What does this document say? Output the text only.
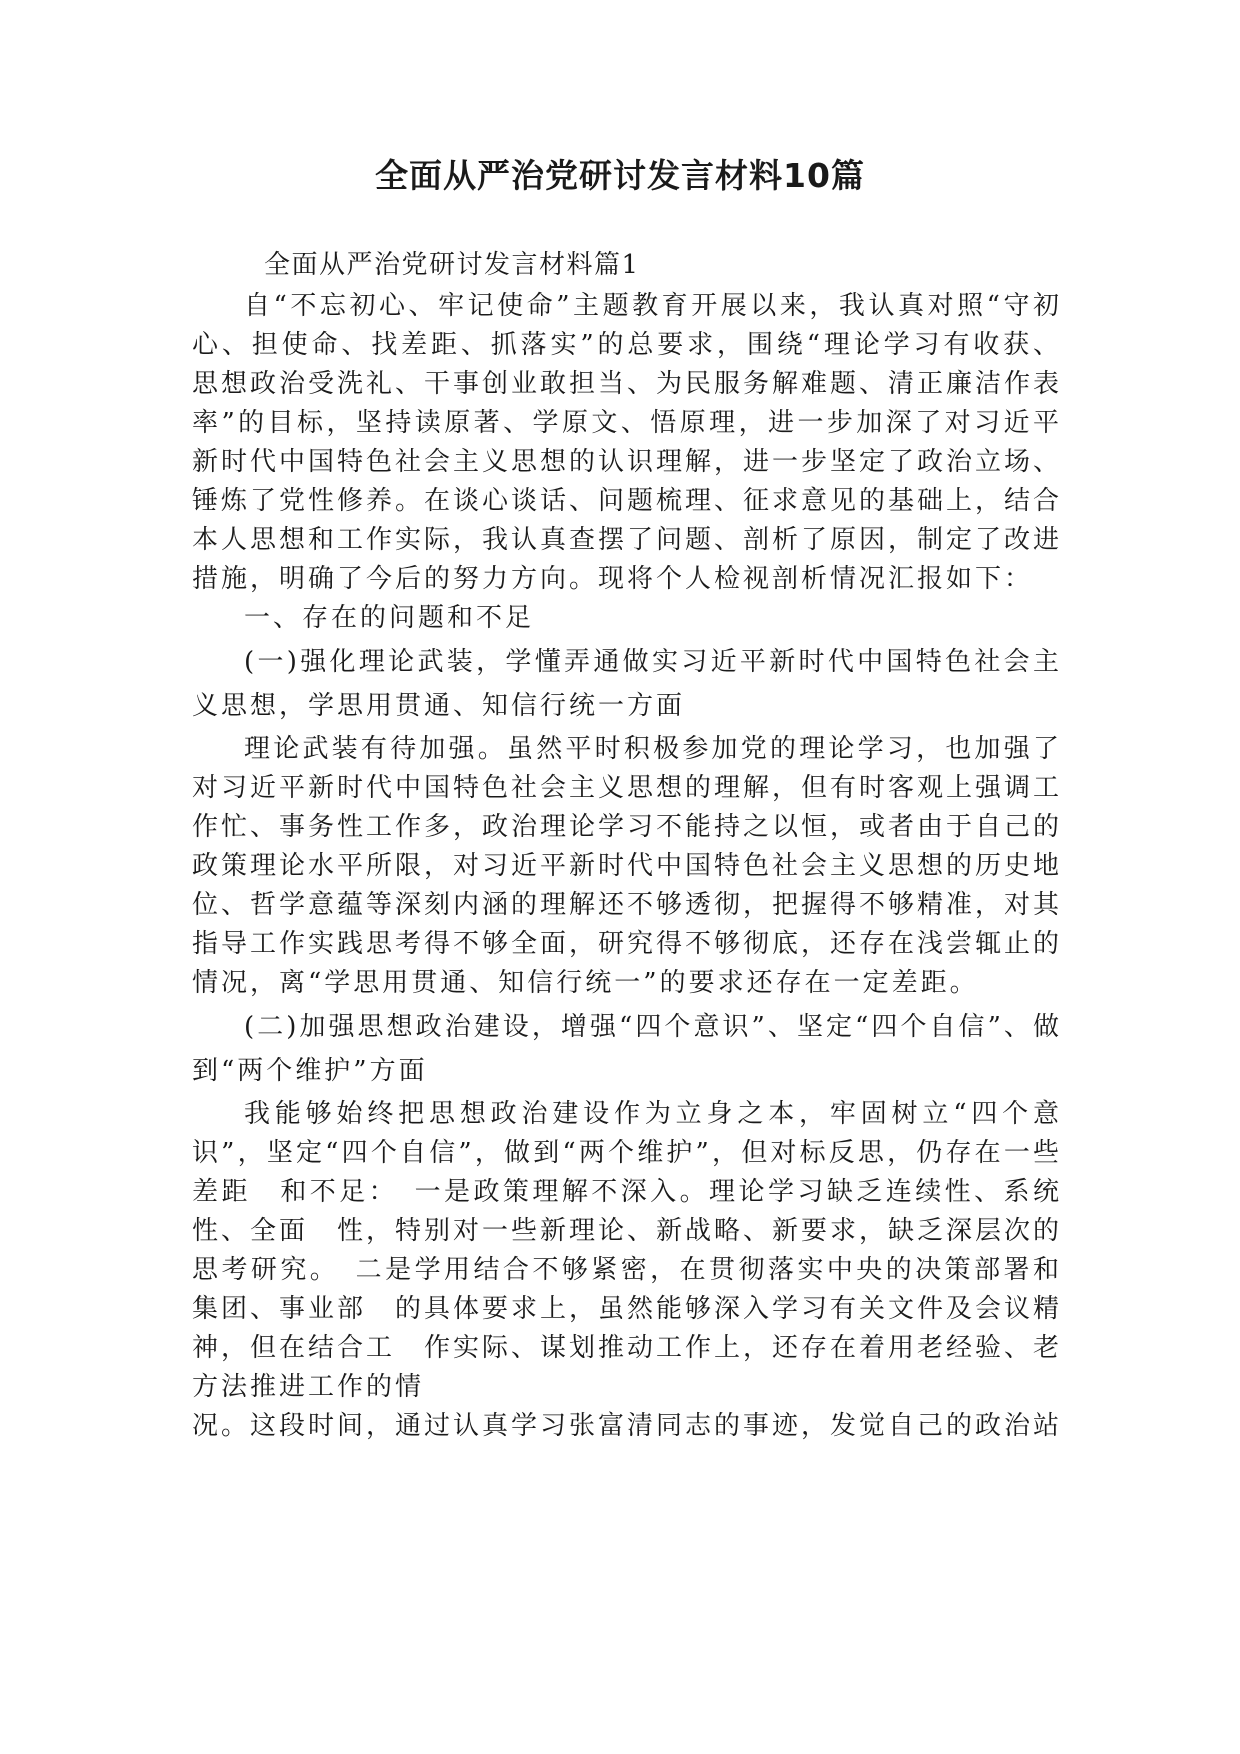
全面从严治党研讨发言材料10篇

全面从严治党研讨发言材料篇1

自“不忘初心、牢记使命”主题教育开展以来，我认真对照“守初心、担使命、找差距、抓落实”的总要求，围绕“理论学习有收获、思想政治受洗礼、干事创业敢担当、为民服务解难题、清正廉洁作表率”的目标，坚持读原著、学原文、悟原理，进一步加深了对习近平新时代中国特色社会主义思想的认识理解，进一步坚定了政治立场、锤炼了党性修养。在谈心谈话、问题梳理、征求意见的基础上，结合本人思想和工作实际，我认真查摆了问题、剖析了原因，制定了改进措施，明确了今后的努力方向。现将个人检视剖析情况汇报如下：

一、存在的问题和不足

(一)强化理论武装，学懂弄通做实习近平新时代中国特色社会主义思想，学思用贯通、知信行统一方面

理论武装有待加强。虽然平时积极参加党的理论学习，也加强了对习近平新时代中国特色社会主义思想的理解，但有时客观上强调工作忙、事务性工作多，政治理论学习不能持之以恒，或者由于自己的政策理论水平所限，对习近平新时代中国特色社会主义思想的历史地位、哲学意蕴等深刻内涵的理解还不够透彻，把握得不够精准，对其指导工作实践思考得不够全面，研究得不够彻底，还存在浅尝辄止的情况，离“学思用贯通、知信行统一”的要求还存在一定差距。

(二)加强思想政治建设，增强“四个意识”、坚定“四个自信”、做到“两个维护”方面

我能够始终把思想政治建设作为立身之本，牢固树立“四个意识”，坚定“四个自信”，做到“两个维护”，但对标反思，仍存在一些差距　和不足：　一是政策理解不深入。理论学习缺乏连续性、系统性、全面　性，特别对一些新理论、新战略、新要求，缺乏深层次的思考研究。　二是学用结合不够紧密，在贯彻落实中央的决策部署和集团、事业部　的具体要求上，虽然能够深入学习有关文件及会议精神，但在结合工　作实际、谋划推动工作上，还存在着用老经验、老方法推进工作的情

况。这段时间，通过认真学习张富清同志的事迹，发觉自己的政治站
